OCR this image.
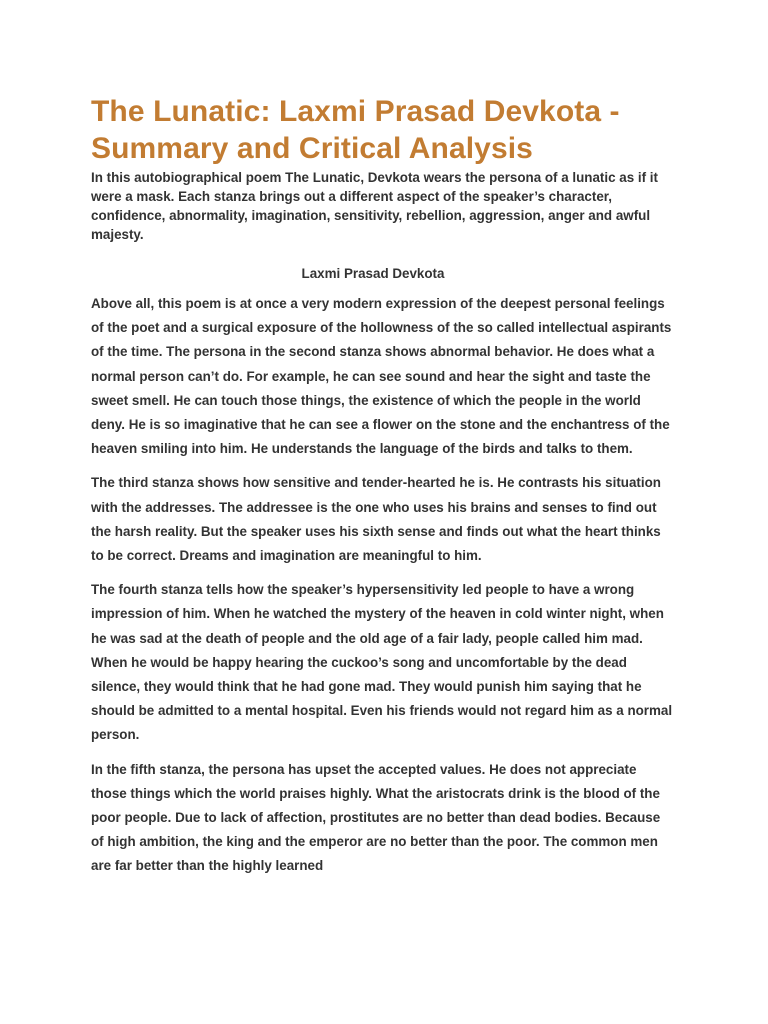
The Lunatic: Laxmi Prasad Devkota - Summary and Critical Analysis

In this autobiographical poem The Lunatic, Devkota wears the persona of a lunatic as if it were a mask. Each stanza brings out a different aspect of the speaker’s character, confidence, abnormality, imagination, sensitivity, rebellion, aggression, anger and awful majesty.

Laxmi Prasad Devkota

Above all, this poem is at once a very modern expression of the deepest personal feelings of the poet and a surgical exposure of the hollowness of the so called intellectual aspirants of the time. The persona in the second stanza shows abnormal behavior. He does what a normal person can’t do. For example, he can see sound and hear the sight and taste the sweet smell. He can touch those things, the existence of which the people in the world deny. He is so imaginative that he can see a flower on the stone and the enchantress of the heaven smiling into him. He understands the language of the birds and talks to them.

The third stanza shows how sensitive and tender-hearted he is. He contrasts his situation with the addresses. The addressee is the one who uses his brains and senses to find out the harsh reality. But the speaker uses his sixth sense and finds out what the heart thinks to be correct. Dreams and imagination are meaningful to him.

The fourth stanza tells how the speaker’s hypersensitivity led people to have a wrong impression of him. When he watched the mystery of the heaven in cold winter night, when he was sad at the death of people and the old age of a fair lady, people called him mad. When he would be happy hearing the cuckoo’s song and uncomfortable by the dead silence, they would think that he had gone mad. They would punish him saying that he should be admitted to a mental hospital. Even his friends would not regard him as a normal person.

In the fifth stanza, the persona has upset the accepted values. He does not appreciate those things which the world praises highly. What the aristocrats drink is the blood of the poor people. Due to lack of affection, prostitutes are no better than dead bodies. Because of high ambition, the king and the emperor are no better than the poor. The common men are far better than the highly learned
